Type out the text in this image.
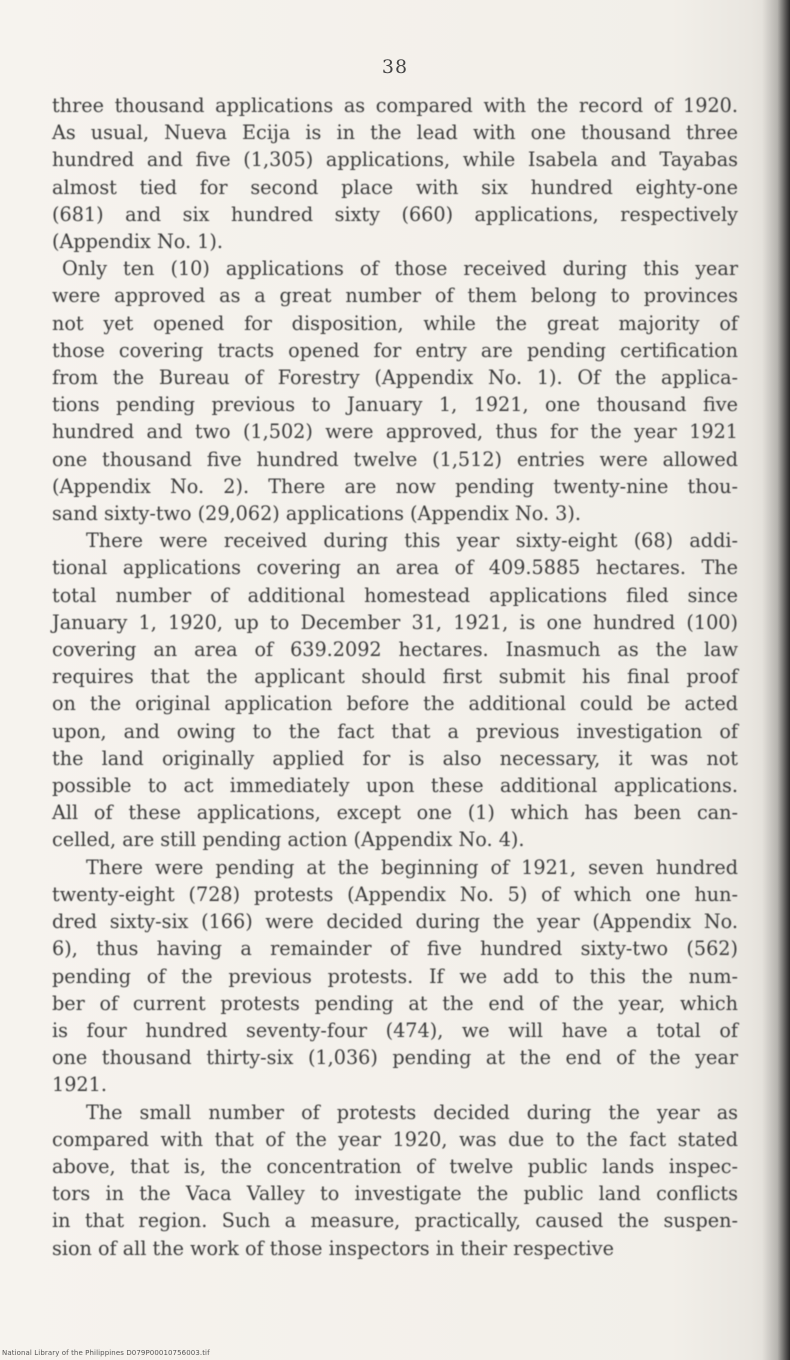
38
three thousand applications as compared with the record of 1920.
As usual, Nueva Ecija is in the lead with one thousand three
hundred and five (1,305) applications, while Isabela and Tayabas
almost tied for second place with six hundred eighty-one
(681) and six hundred sixty (660) applications, respectively
(Appendix No. 1).
Only ten (10) applications of those received during this year
were approved as a great number of them belong to provinces
not yet opened for disposition, while the great majority of
those covering tracts opened for entry are pending certification
from the Bureau of Forestry (Appendix No. 1). Of the applica-
tions pending previous to January 1, 1921, one thousand five
hundred and two (1,502) were approved, thus for the year 1921
one thousand five hundred twelve (1,512) entries were allowed
(Appendix No. 2). There are now pending twenty-nine thou-
sand sixty-two (29,062) applications (Appendix No. 3).
There were received during this year sixty-eight (68) addi-
tional applications covering an area of 409.5885 hectares. The
total number of additional homestead applications filed since
January 1, 1920, up to December 31, 1921, is one hundred (100)
covering an area of 639.2092 hectares. Inasmuch as the law
requires that the applicant should first submit his final proof
on the original application before the additional could be acted
upon, and owing to the fact that a previous investigation of
the land originally applied for is also necessary, it was not
possible to act immediately upon these additional applications.
All of these applications, except one (1) which has been can-
celled, are still pending action (Appendix No. 4).
There were pending at the beginning of 1921, seven hundred
twenty-eight (728) protests (Appendix No. 5) of which one hun-
dred sixty-six (166) were decided during the year (Appendix No.
6), thus having a remainder of five hundred sixty-two (562)
pending of the previous protests. If we add to this the num-
ber of current protests pending at the end of the year, which
is four hundred seventy-four (474), we will have a total of
one thousand thirty-six (1,036) pending at the end of the year
1921.
The small number of protests decided during the year as
compared with that of the year 1920, was due to the fact stated
above, that is, the concentration of twelve public lands inspec-
tors in the Vaca Valley to investigate the public land conflicts
in that region. Such a measure, practically, caused the suspen-
sion of all the work of those inspectors in their respective
National Library of the Philippines D079P00010756003.tif
